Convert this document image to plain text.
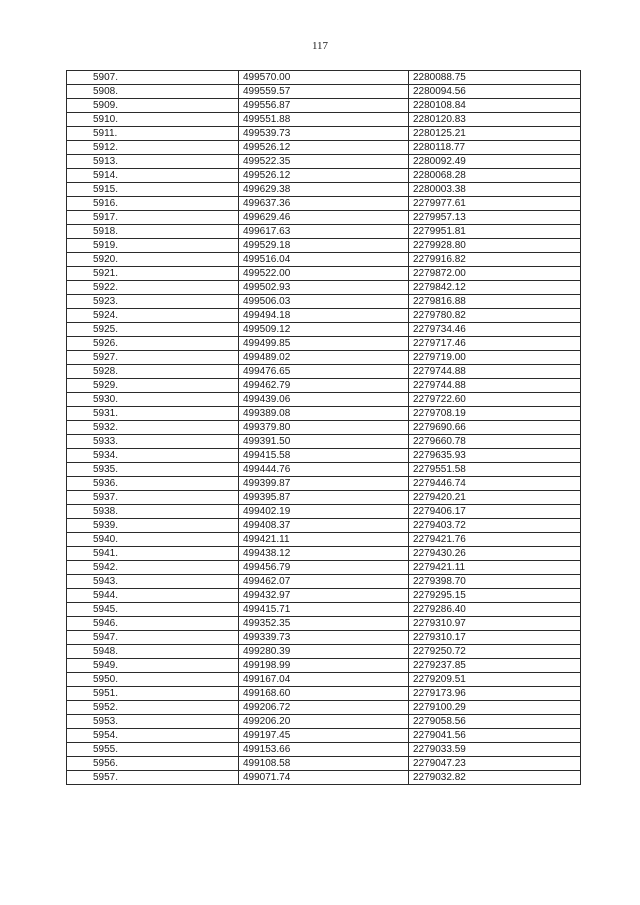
117
5907.	499570.00	2280088.75
5908.	499559.57	2280094.56
5909.	499556.87	2280108.84
5910.	499551.88	2280120.83
5911.	499539.73	2280125.21
5912.	499526.12	2280118.77
5913.	499522.35	2280092.49
5914.	499526.12	2280068.28
5915.	499629.38	2280003.38
5916.	499637.36	2279977.61
5917.	499629.46	2279957.13
5918.	499617.63	2279951.81
5919.	499529.18	2279928.80
5920.	499516.04	2279916.82
5921.	499522.00	2279872.00
5922.	499502.93	2279842.12
5923.	499506.03	2279816.88
5924.	499494.18	2279780.82
5925.	499509.12	2279734.46
5926.	499499.85	2279717.46
5927.	499489.02	2279719.00
5928.	499476.65	2279744.88
5929.	499462.79	2279744.88
5930.	499439.06	2279722.60
5931.	499389.08	2279708.19
5932.	499379.80	2279690.66
5933.	499391.50	2279660.78
5934.	499415.58	2279635.93
5935.	499444.76	2279551.58
5936.	499399.87	2279446.74
5937.	499395.87	2279420.21
5938.	499402.19	2279406.17
5939.	499408.37	2279403.72
5940.	499421.11	2279421.76
5941.	499438.12	2279430.26
5942.	499456.79	2279421.11
5943.	499462.07	2279398.70
5944.	499432.97	2279295.15
5945.	499415.71	2279286.40
5946.	499352.35	2279310.97
5947.	499339.73	2279310.17
5948.	499280.39	2279250.72
5949.	499198.99	2279237.85
5950.	499167.04	2279209.51
5951.	499168.60	2279173.96
5952.	499206.72	2279100.29
5953.	499206.20	2279058.56
5954.	499197.45	2279041.56
5955.	499153.66	2279033.59
5956.	499108.58	2279047.23
5957.	499071.74	2279032.82
